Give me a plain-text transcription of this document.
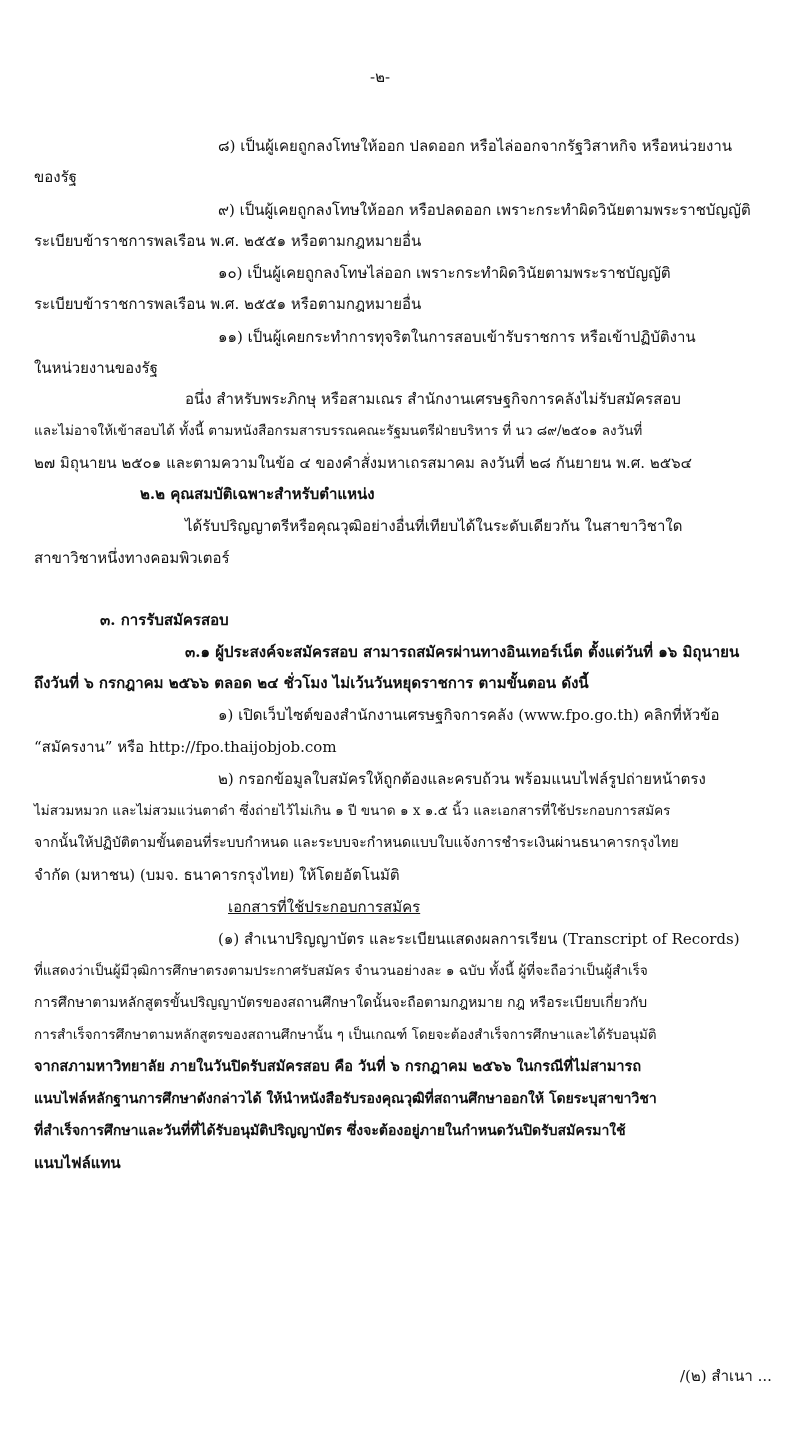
-๒-
๘) เป็นผู้เคยถูกลงโทษให้ออก ปลดออก หรือไล่ออกจากรัฐวิสาหกิจ หรือหน่วยงาน
ของรัฐ
๙) เป็นผู้เคยถูกลงโทษให้ออก หรือปลดออก เพราะกระทำผิดวินัยตามพระราชบัญญัติ
ระเบียบข้าราชการพลเรือน พ.ศ. ๒๕๕๑ หรือตามกฎหมายอื่น
๑๐) เป็นผู้เคยถูกลงโทษไล่ออก เพราะกระทำผิดวินัยตามพระราชบัญญัติ
ระเบียบข้าราชการพลเรือน พ.ศ. ๒๕๕๑ หรือตามกฎหมายอื่น
๑๑) เป็นผู้เคยกระทำการทุจริตในการสอบเข้ารับราชการ หรือเข้าปฏิบัติงาน
ในหน่วยงานของรัฐ
อนึ่ง สำหรับพระภิกษุ หรือสามเณร สำนักงานเศรษฐกิจการคลังไม่รับสมัครสอบ
และไม่อาจให้เข้าสอบได้ ทั้งนี้ ตามหนังสือกรมสารบรรณคณะรัฐมนตรีฝ่ายบริหาร ที่ นว ๘๙/๒๕๐๑ ลงวันที่
๒๗ มิถุนายน ๒๕๐๑ และตามความในข้อ ๔ ของคำสั่งมหาเถรสมาคม ลงวันที่ ๒๘ กันยายน พ.ศ. ๒๕๖๔
๒.๒ คุณสมบัติเฉพาะสำหรับตำแหน่ง
ได้รับปริญญาตรีหรือคุณวุฒิอย่างอื่นที่เทียบได้ในระดับเดียวกัน ในสาขาวิชาใด
สาขาวิชาหนึ่งทางคอมพิวเตอร์
๓. การรับสมัครสอบ
๓.๑ ผู้ประสงค์จะสมัครสอบ สามารถสมัครผ่านทางอินเทอร์เน็ต ตั้งแต่วันที่ ๑๖ มิถุนายน
ถึงวันที่ ๖ กรกฎาคม ๒๕๖๖ ตลอด ๒๔ ชั่วโมง ไม่เว้นวันหยุดราชการ ตามขั้นตอน ดังนี้
๑) เปิดเว็บไซต์ของสำนักงานเศรษฐกิจการคลัง (www.fpo.go.th) คลิกที่หัวข้อ
“สมัครงาน” หรือ http://fpo.thaijobjob.com
๒) กรอกข้อมูลใบสมัครให้ถูกต้องและครบถ้วน พร้อมแนบไฟล์รูปถ่ายหน้าตรง
ไม่สวมหมวก และไม่สวมแว่นตาดำ ซึ่งถ่ายไว้ไม่เกิน ๑ ปี ขนาด ๑ x ๑.๕ นิ้ว และเอกสารที่ใช้ประกอบการสมัคร
จากนั้นให้ปฏิบัติตามขั้นตอนที่ระบบกำหนด และระบบจะกำหนดแบบใบแจ้งการชำระเงินผ่านธนาคารกรุงไทย
จำกัด (มหาชน) (บมจ. ธนาคารกรุงไทย) ให้โดยอัตโนมัติ
เอกสารที่ใช้ประกอบการสมัคร
(๑) สำเนาปริญญาบัตร และระเบียนแสดงผลการเรียน (Transcript of Records)
ที่แสดงว่าเป็นผู้มีวุฒิการศึกษาตรงตามประกาศรับสมัคร จำนวนอย่างละ ๑ ฉบับ ทั้งนี้ ผู้ที่จะถือว่าเป็นผู้สำเร็จ
การศึกษาตามหลักสูตรขั้นปริญญาบัตรของสถานศึกษาใดนั้นจะถือตามกฎหมาย กฎ หรือระเบียบเกี่ยวกับ
การสำเร็จการศึกษาตามหลักสูตรของสถานศึกษานั้น ๆ เป็นเกณฑ์ โดยจะต้องสำเร็จการศึกษาและได้รับอนุมัติ
จากสภามหาวิทยาลัย ภายในวันปิดรับสมัครสอบ คือ วันที่ ๖ กรกฎาคม ๒๕๖๖ ในกรณีที่ไม่สามารถ
แนบไฟล์หลักฐานการศึกษาดังกล่าวได้ ให้นำหนังสือรับรองคุณวุฒิที่สถานศึกษาออกให้ โดยระบุสาขาวิชา
ที่สำเร็จการศึกษาและวันที่ที่ได้รับอนุมัติปริญญาบัตร ซึ่งจะต้องอยู่ภายในกำหนดวันปิดรับสมัครมาใช้
แนบไฟล์แทน
/(๒) สำเนา ...
